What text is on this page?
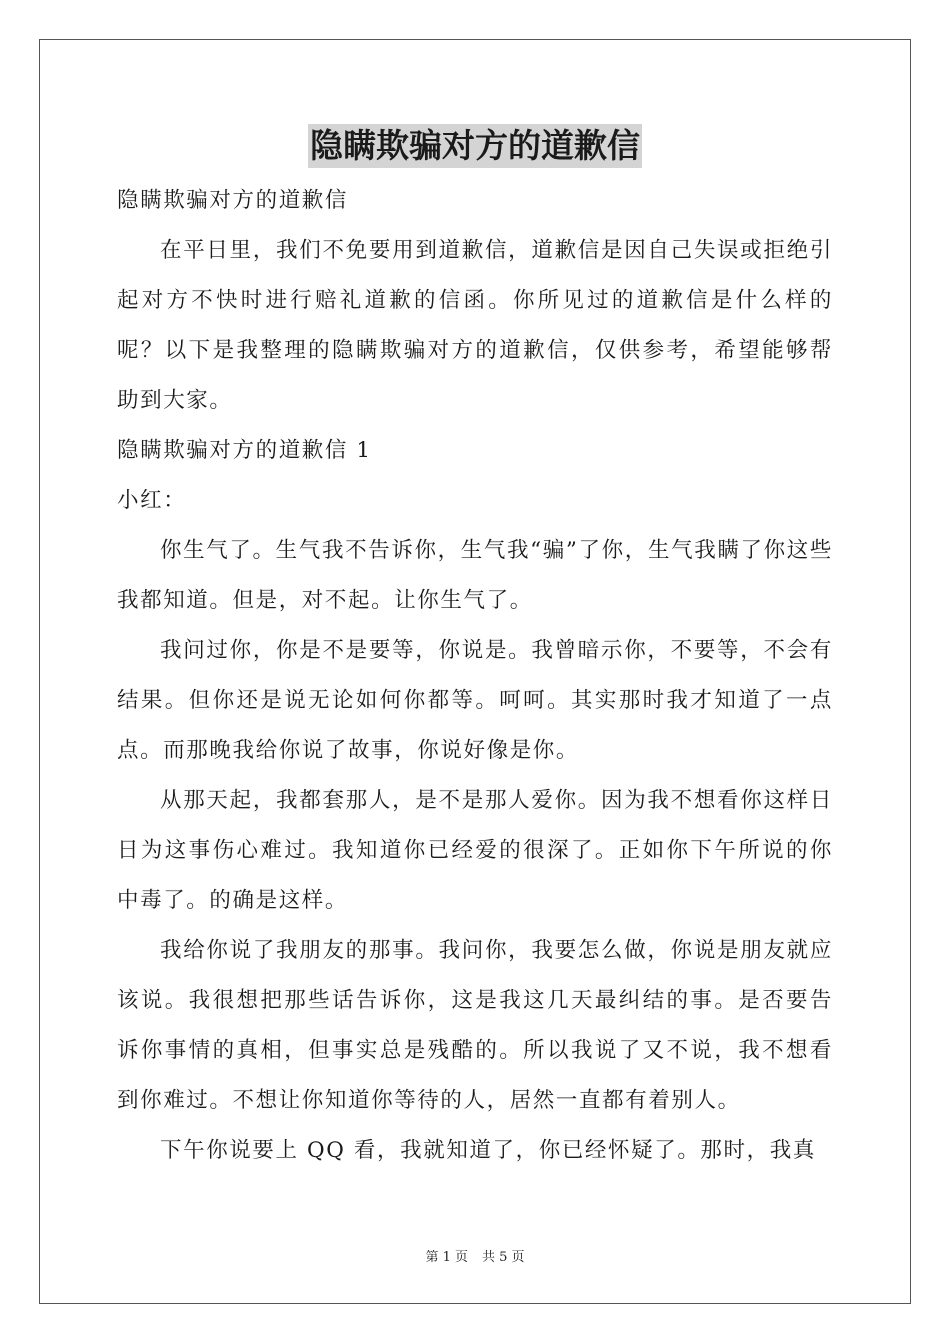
隐瞒欺骗对方的道歉信

隐瞒欺骗对方的道歉信

在平日里，我们不免要用到道歉信，道歉信是因自己失误或拒绝引起对方不快时进行赔礼道歉的信函。你所见过的道歉信是什么样的呢？以下是我整理的隐瞒欺骗对方的道歉信，仅供参考，希望能够帮助到大家。

隐瞒欺骗对方的道歉信 1

小红：

你生气了。生气我不告诉你，生气我“骗”了你，生气我瞒了你这些我都知道。但是，对不起。让你生气了。

我问过你，你是不是要等，你说是。我曾暗示你，不要等，不会有结果。但你还是说无论如何你都等。呵呵。其实那时我才知道了一点点。而那晚我给你说了故事，你说好像是你。

从那天起，我都套那人，是不是那人爱你。因为我不想看你这样日日为这事伤心难过。我知道你已经爱的很深了。正如你下午所说的你中毒了。的确是这样。

我给你说了我朋友的那事。我问你，我要怎么做，你说是朋友就应该说。我很想把那些话告诉你，这是我这几天最纠结的事。是否要告诉你事情的真相，但事实总是残酷的。所以我说了又不说，我不想看到你难过。不想让你知道你等待的人，居然一直都有着别人。

下午你说要上 QQ 看，我就知道了，你已经怀疑了。那时，我真

第 1 页 共 5 页
